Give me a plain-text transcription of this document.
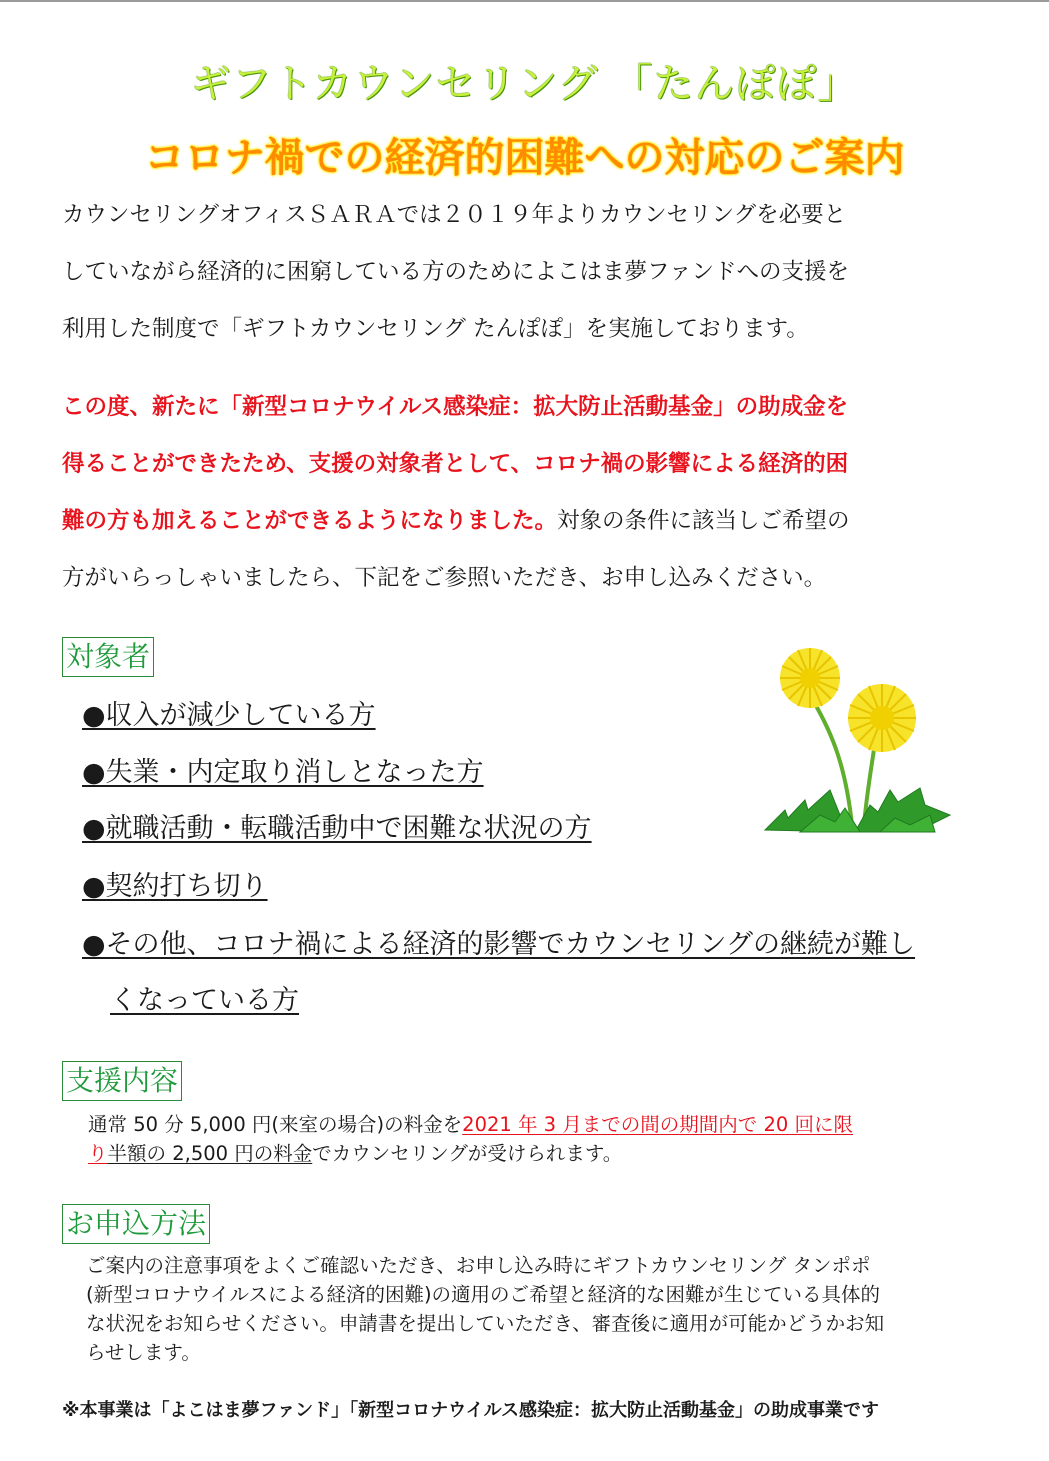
ギフトカウンセリング 「たんぽぽ」
コロナ禍での経済的困難への対応のご案内
カウンセリングオフィスＳＡＲＡでは２０１９年よりカウンセリングを必要と
していながら経済的に困窮している方のためによこはま夢ファンドへの支援を
利用した制度で「ギフトカウンセリング たんぽぽ」を実施しております。
この度、新たに「新型コロナウイルス感染症：拡大防止活動基金」の助成金を
得ることができたため、支援の対象者として、コロナ禍の影響による経済的困
難の方も加えることができるようになりました。対象の条件に該当しご希望の
方がいらっしゃいましたら、下記をご参照いただき、お申し込みください。
対象者
●収入が減少している方
●失業・内定取り消しとなった方
●就職活動・転職活動中で困難な状況の方
●契約打ち切り
●その他、コロナ禍による経済的影響でカウンセリングの継続が難し
くなっている方
支援内容
通常 50 分 5,000 円(来室の場合)の料金を2021 年 3 月までの間の期間内で 20 回に限
り半額の 2,500 円の料金でカウンセリングが受けられます。
お申込方法
ご案内の注意事項をよくご確認いただき、お申し込み時にギフトカウンセリング タンポポ
(新型コロナウイルスによる経済的困難)の適用のご希望と経済的な困難が生じている具体的
な状況をお知らせください。申請書を提出していただき、審査後に適用が可能かどうかお知
らせします。
※本事業は「よこはま夢ファンド」「新型コロナウイルス感染症：拡大防止活動基金」の助成事業です
